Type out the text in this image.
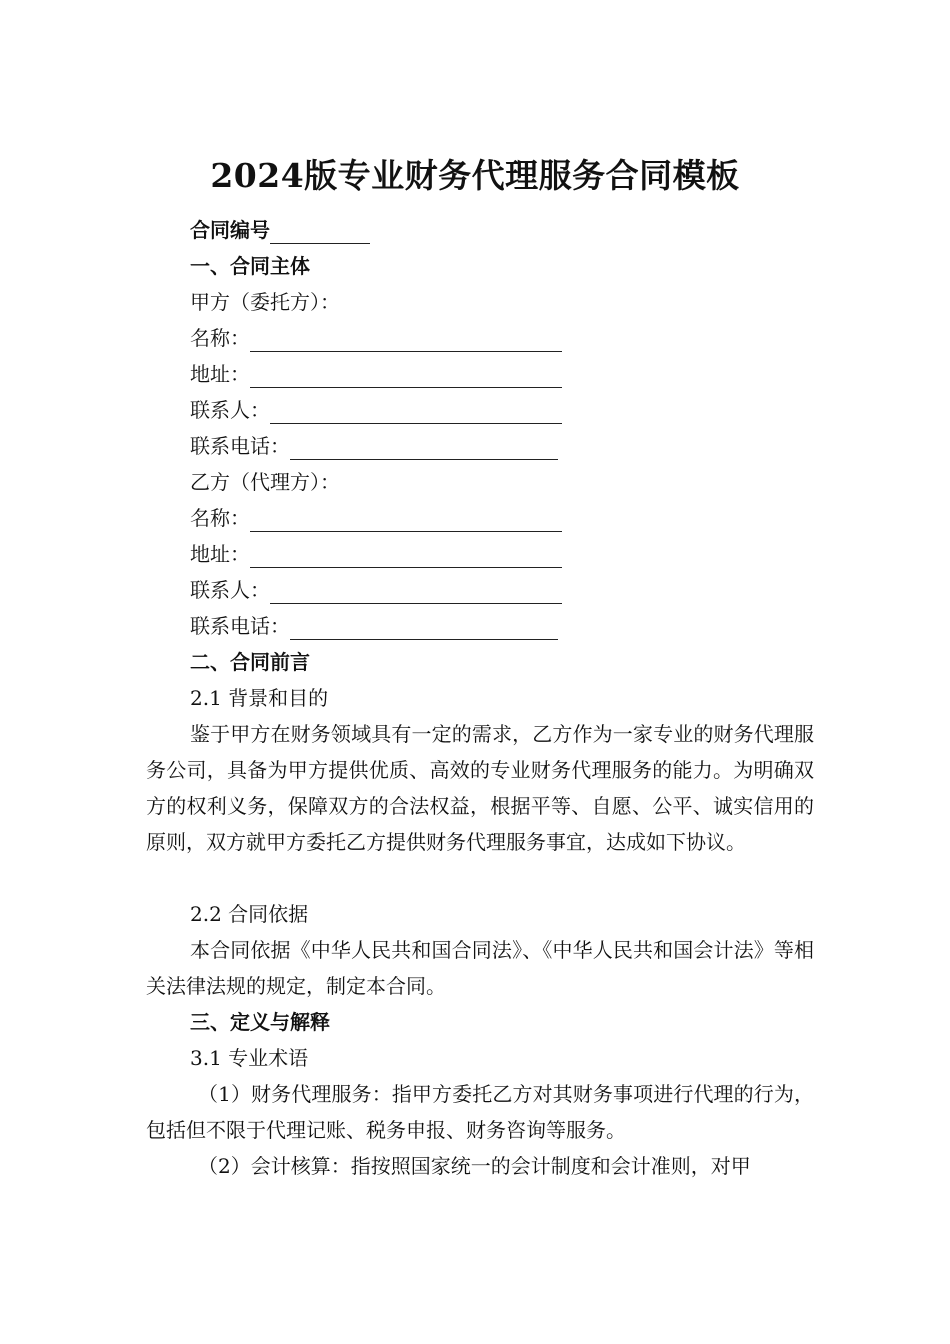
2024版专业财务代理服务合同模板
合同编号
一、合同主体
甲方（委托方）：
名称：
地址：
联系人：
联系电话：
乙方（代理方）：
名称：
地址：
联系人：
联系电话：
二、合同前言
2.1 背景和目的
鉴于甲方在财务领域具有一定的需求，乙方作为一家专业的财务代理服务公司，具备为甲方提供优质、高效的专业财务代理服务的能力。为明确双方的权利义务，保障双方的合法权益，根据平等、自愿、公平、诚实信用的原则，双方就甲方委托乙方提供财务代理服务事宜，达成如下协议。
2.2 合同依据
本合同依据《中华人民共和国合同法》、《中华人民共和国会计法》等相关法律法规的规定，制定本合同。
三、定义与解释
3.1 专业术语
（1）财务代理服务：指甲方委托乙方对其财务事项进行代理的行为，包括但不限于代理记账、税务申报、财务咨询等服务。
（2）会计核算：指按照国家统一的会计制度和会计准则，对甲
